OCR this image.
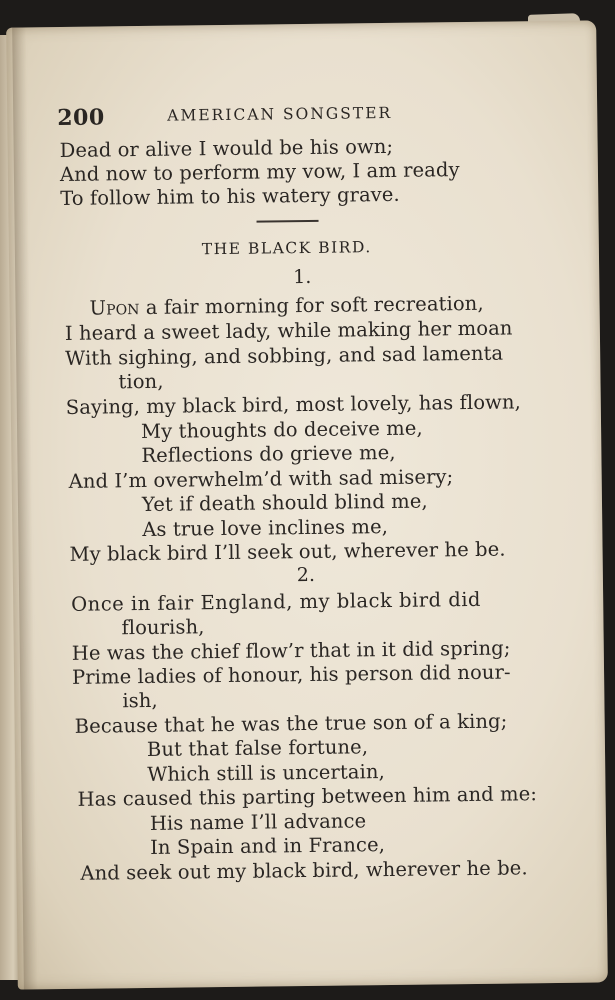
200	AMERICAN SONGSTER
Dead or alive I would be his own;
And now to perform my vow, I am ready
To follow him to his watery grave.
THE BLACK BIRD.
1.
Upon a fair morning for soft recreation,
I heard a sweet lady, while making her moan
With sighing, and sobbing, and sad lamenta
tion,
Saying, my black bird, most lovely, has flown,
My thoughts do deceive me,
Reflections do grieve me,
And I’m overwhelm’d with sad misery;
Yet if death should blind me,
As true love inclines me,
My black bird I’ll seek out, wherever he be.
2.
Once in fair England, my black bird did
flourish,
He was the chief flow’r that in it did spring;
Prime ladies of honour, his person did nour-
ish,
Because that he was the true son of a king;
But that false fortune,
Which still is uncertain,
Has caused this parting between him and me:
His name I’ll advance
In Spain and in France,
And seek out my black bird, wherever he be.
